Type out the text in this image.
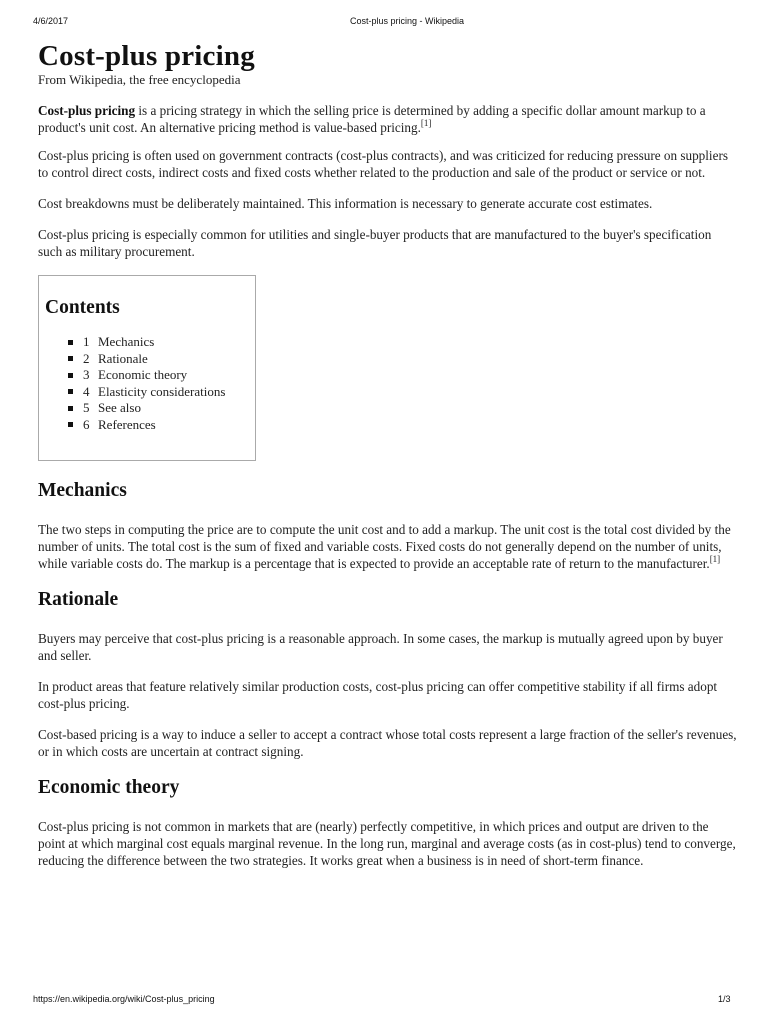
4/6/2017	Cost-plus pricing - Wikipedia
Cost-plus pricing
From Wikipedia, the free encyclopedia

Cost-plus pricing is a pricing strategy in which the selling price is determined by adding a specific dollar amount markup to a product's unit cost. An alternative pricing method is value-based pricing.[1]

Cost-plus pricing is often used on government contracts (cost-plus contracts), and was criticized for reducing pressure on suppliers to control direct costs, indirect costs and fixed costs whether related to the production and sale of the product or service or not.

Cost breakdowns must be deliberately maintained. This information is necessary to generate accurate cost estimates.

Cost-plus pricing is especially common for utilities and single-buyer products that are manufactured to the buyer's specification such as military procurement.

Contents
1 Mechanics
2 Rationale
3 Economic theory
4 Elasticity considerations
5 See also
6 References
Mechanics

The two steps in computing the price are to compute the unit cost and to add a markup. The unit cost is the total cost divided by the number of units. The total cost is the sum of fixed and variable costs. Fixed costs do not generally depend on the number of units, while variable costs do. The markup is a percentage that is expected to provide an acceptable rate of return to the manufacturer.[1]

Rationale

Buyers may perceive that cost-plus pricing is a reasonable approach. In some cases, the markup is mutually agreed upon by buyer and seller.

In product areas that feature relatively similar production costs, cost-plus pricing can offer competitive stability if all firms adopt cost-plus pricing.

Cost-based pricing is a way to induce a seller to accept a contract whose total costs represent a large fraction of the seller's revenues, or in which costs are uncertain at contract signing.

Economic theory

Cost-plus pricing is not common in markets that are (nearly) perfectly competitive, in which prices and output are driven to the point at which marginal cost equals marginal revenue. In the long run, marginal and average costs (as in cost-plus) tend to converge, reducing the difference between the two strategies. It works great when a business is in need of short-term finance.

https://en.wikipedia.org/wiki/Cost-plus_pricing	1/3
